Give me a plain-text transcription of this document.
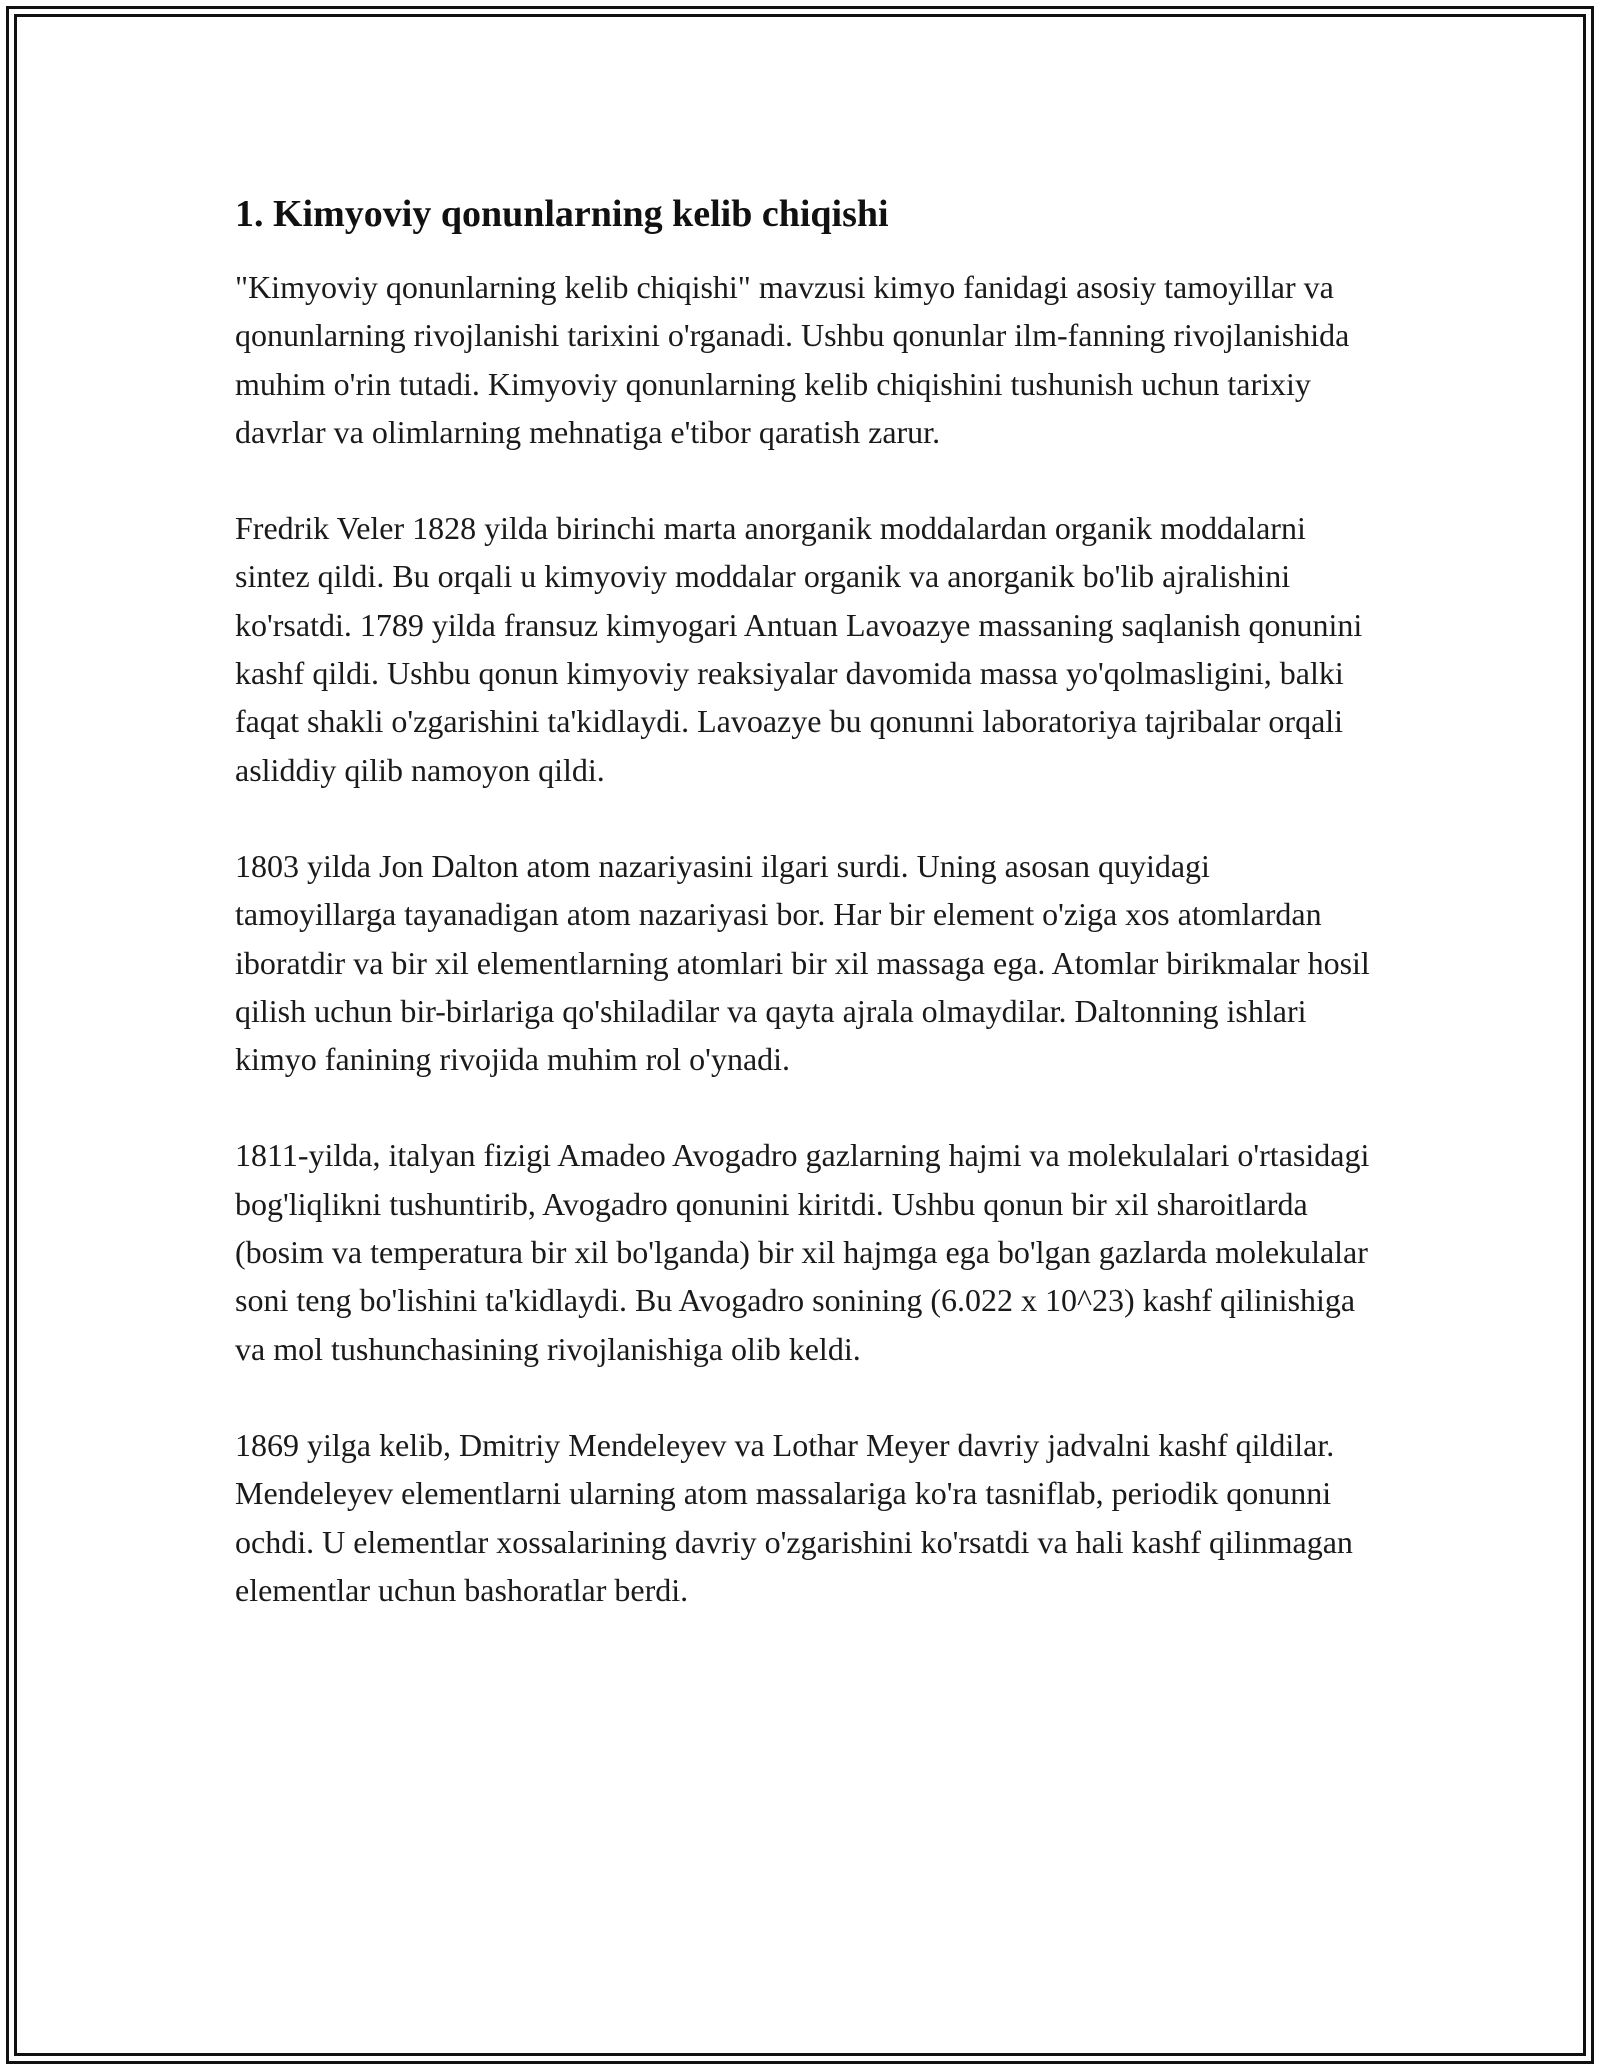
1. Kimyoviy qonunlarning kelib chiqishi

"Kimyoviy qonunlarning kelib chiqishi" mavzusi kimyo fanidagi asosiy tamoyillar va qonunlarning rivojlanishi tarixini o'rganadi. Ushbu qonunlar ilm-fanning rivojlanishida muhim o'rin tutadi. Kimyoviy qonunlarning kelib chiqishini tushunish uchun tarixiy davrlar va olimlarning mehnatiga e'tibor qaratish zarur.

Fredrik Veler 1828 yilda birinchi marta anorganik moddalardan organik moddalarni sintez qildi. Bu orqali u kimyoviy moddalar organik va anorganik bo'lib ajralishini ko'rsatdi. 1789 yilda fransuz kimyogari Antuan Lavoazye massaning saqlanish qonunini kashf qildi. Ushbu qonun kimyoviy reaksiyalar davomida massa yo'qolmasligini, balki faqat shakli o'zgarishini ta'kidlaydi. Lavoazye bu qonunni laboratoriya tajribalar orqali asliddiy qilib namoyon qildi.

1803 yilda Jon Dalton atom nazariyasini ilgari surdi. Uning asosan quyidagi tamoyillarga tayanadigan atom nazariyasi bor. Har bir element o'ziga xos atomlardan iboratdir va bir xil elementlarning atomlari bir xil massaga ega. Atomlar birikmalar hosil qilish uchun bir-birlariga qo'shiladilar va qayta ajrala olmaydilar. Daltonning ishlari kimyo fanining rivojida muhim rol o'ynadi.

1811-yilda, italyan fizigi Amadeo Avogadro gazlarning hajmi va molekulalari o'rtasidagi bog'liqlikni tushuntirib, Avogadro qonunini kiritdi. Ushbu qonun bir xil sharoitlarda (bosim va temperatura bir xil bo'lganda) bir xil hajmga ega bo'lgan gazlarda molekulalar soni teng bo'lishini ta'kidlaydi. Bu Avogadro sonining (6.022 x 10^23) kashf qilinishiga va mol tushunchasining rivojlanishiga olib keldi.

1869 yilga kelib, Dmitriy Mendeleyev va Lothar Meyer davriy jadvalni kashf qildilar. Mendeleyev elementlarni ularning atom massalariga ko'ra tasniflab, periodik qonunni ochdi. U elementlar xossalarining davriy o'zgarishini ko'rsatdi va hali kashf qilinmagan elementlar uchun bashoratlar berdi.
